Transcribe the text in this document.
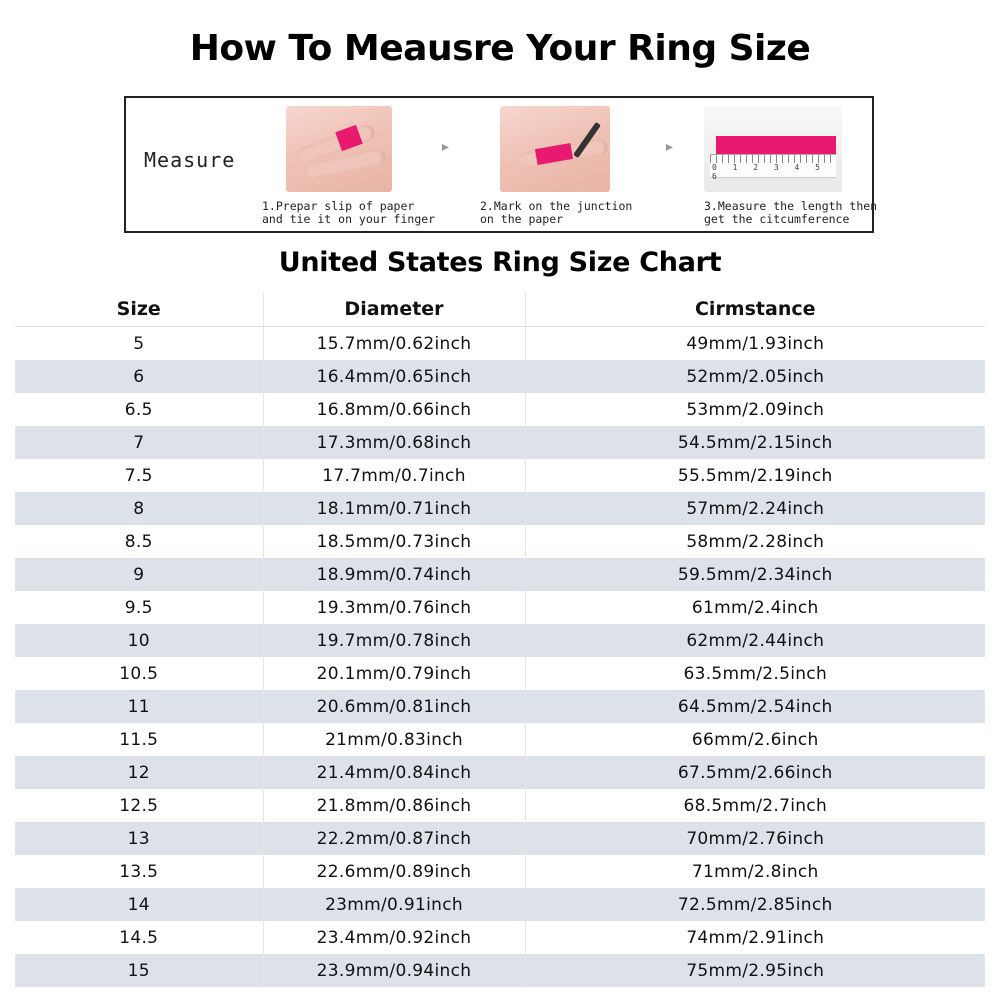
How To Meausre Your Ring Size
Measure
▸	▸
0 1 2 3 4 5 6
1.Prepar slip of paper
and tie it on your finger
2.Mark on the junction
on the paper
3.Measure the length then
get the citcumference
United States Ring Size Chart
Size	Diameter	Cirmstance
5	15.7mm/0.62inch	49mm/1.93inch
6	16.4mm/0.65inch	52mm/2.05inch
6.5	16.8mm/0.66inch	53mm/2.09inch
7	17.3mm/0.68inch	54.5mm/2.15inch
7.5	17.7mm/0.7inch	55.5mm/2.19inch
8	18.1mm/0.71inch	57mm/2.24inch
8.5	18.5mm/0.73inch	58mm/2.28inch
9	18.9mm/0.74inch	59.5mm/2.34inch
9.5	19.3mm/0.76inch	61mm/2.4inch
10	19.7mm/0.78inch	62mm/2.44inch
10.5	20.1mm/0.79inch	63.5mm/2.5inch
11	20.6mm/0.81inch	64.5mm/2.54inch
11.5	21mm/0.83inch	66mm/2.6inch
12	21.4mm/0.84inch	67.5mm/2.66inch
12.5	21.8mm/0.86inch	68.5mm/2.7inch
13	22.2mm/0.87inch	70mm/2.76inch
13.5	22.6mm/0.89inch	71mm/2.8inch
14	23mm/0.91inch	72.5mm/2.85inch
14.5	23.4mm/0.92inch	74mm/2.91inch
15	23.9mm/0.94inch	75mm/2.95inch
